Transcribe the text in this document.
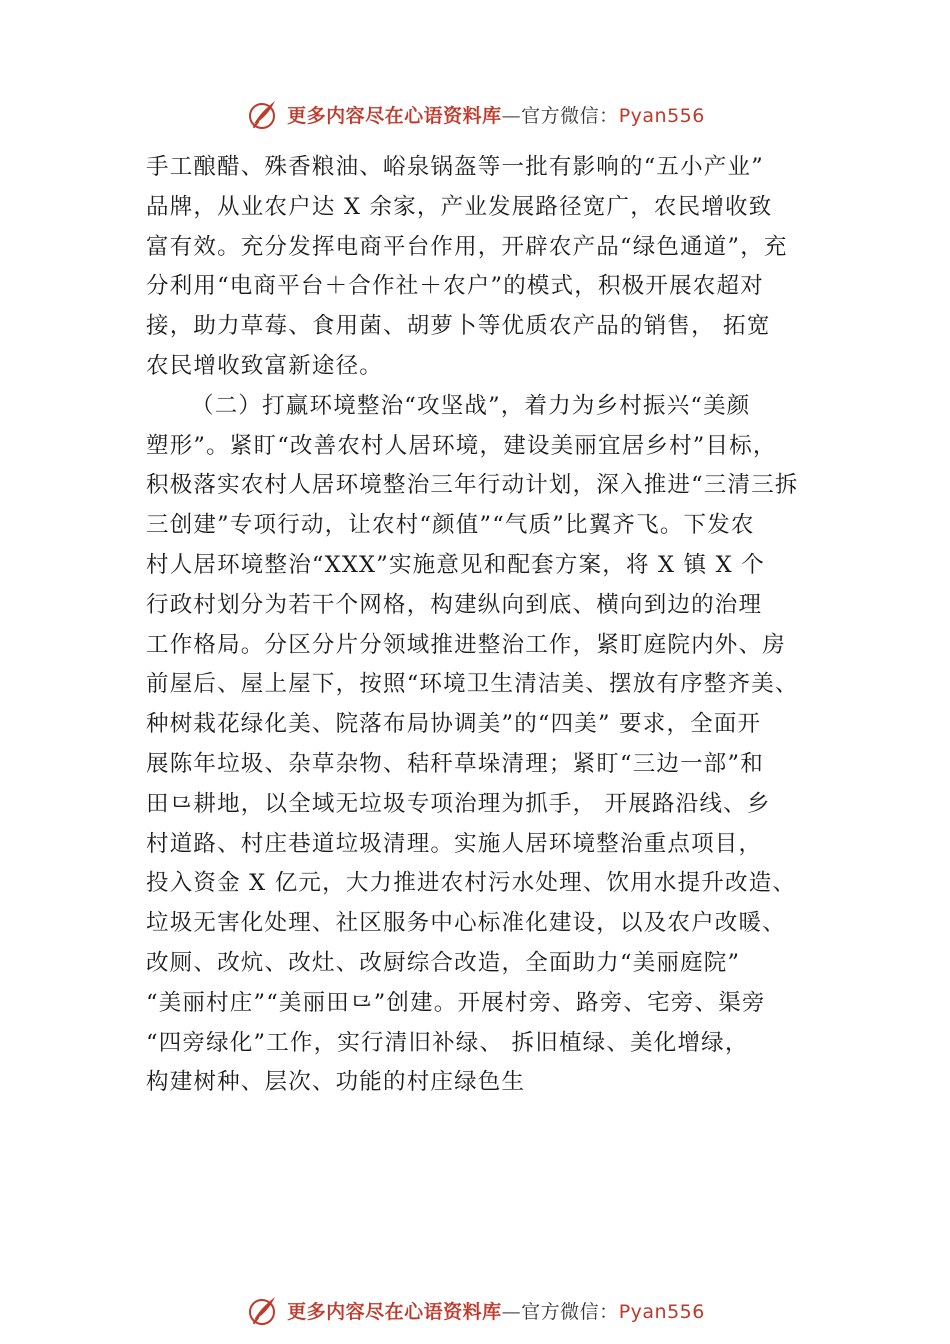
更多内容尽在心语资料库—官方微信：Pyan556
手工酿醋、殊香粮油、峪泉锅盔等一批有影响的“五小产业”
品牌，从业农户达 X 余家，产业发展路径宽广，农民增收致
富有效。充分发挥电商平台作用，开辟农产品“绿色通道”，充
分利用“电商平台＋合作社＋农户”的模式，积极开展农超对
接，助力草莓、食用菌、胡萝卜等优质农产品的销售， 拓宽
农民增收致富新途径。
（二）打赢环境整治“攻坚战”，着力为乡村振兴“美颜
塑形”。紧盯“改善农村人居环境，建设美丽宜居乡村”目标，
积极落实农村人居环境整治三年行动计划，深入推进“三清三拆
三创建”专项行动，让农村“颜值”“气质”比翼齐飞。下发农
村人居环境整治“XXX”实施意见和配套方案，将 X 镇 X 个
行政村划分为若干个网格，构建纵向到底、横向到边的治理
工作格局。分区分片分领域推进整治工作，紧盯庭院内外、房
前屋后、屋上屋下，按照“环境卫生清洁美、摆放有序整齐美、
种树栽花绿化美、院落布局协调美”的“四美” 要求，全面开
展陈年垃圾、杂草杂物、秸秆草垛清理；紧盯“三边一部”和
田⺋耕地，以全域无垃圾专项治理为抓手， 开展路沿线、乡
村道路、村庄巷道垃圾清理。实施人居环境整治重点项目，
投入资金 X 亿元，大力推进农村污水处理、饮用水提升改造、
垃圾无害化处理、社区服务中心标准化建设，以及农户改暖、
改厕、改炕、改灶、改厨综合改造，全面助力“美丽庭院”
“美丽村庄”“美丽田⺋”创建。开展村旁、路旁、宅旁、渠旁
“四旁绿化”工作，实行清旧补绿、 拆旧植绿、美化增绿，
构建树种、层次、功能的村庄绿色生
更多内容尽在心语资料库—官方微信：Pyan556
